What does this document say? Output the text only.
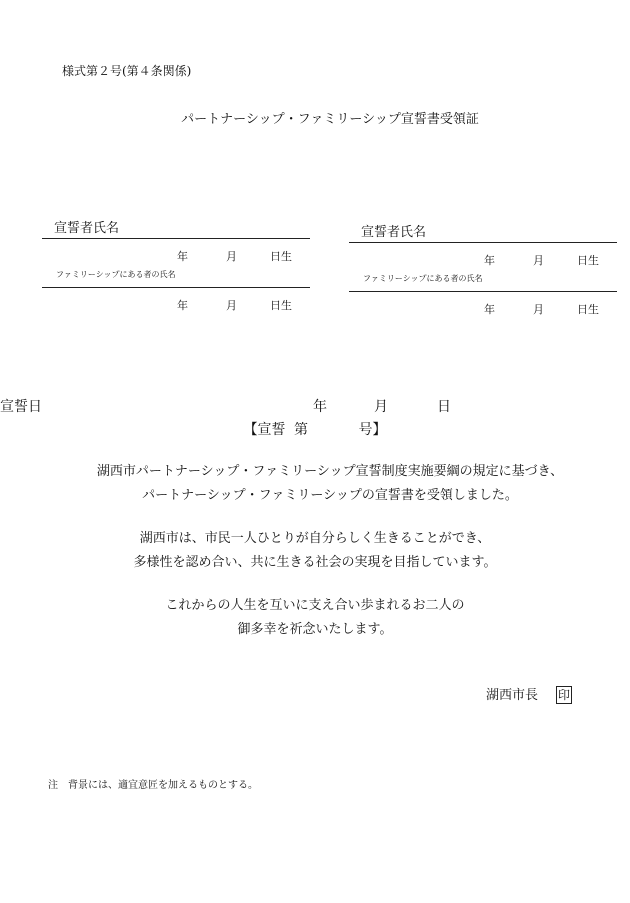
様式第２号(第４条関係)
パートナーシップ・ファミリーシップ宣誓書受領証
宣誓者氏名
年	月	日生
ファミリーシップにある者の氏名
年	月	日生
宣誓者氏名
年	月	日生
ファミリーシップにある者の氏名
年	月	日生
宣誓日	年	月	日
【宣誓 第	号】
湖西市パートナーシップ・ファミリーシップ宣誓制度実施要綱の規定に基づき、
パートナーシップ・ファミリーシップの宣誓書を受領しました。
湖西市は、市民一人ひとりが自分らしく生きることができ、
多様性を認め合い、共に生きる社会の実現を目指しています。
これからの人生を互いに支え合い歩まれるお二人の
御多幸を祈念いたします。
湖西市長 印
注　背景には、適宜意匠を加えるものとする。
